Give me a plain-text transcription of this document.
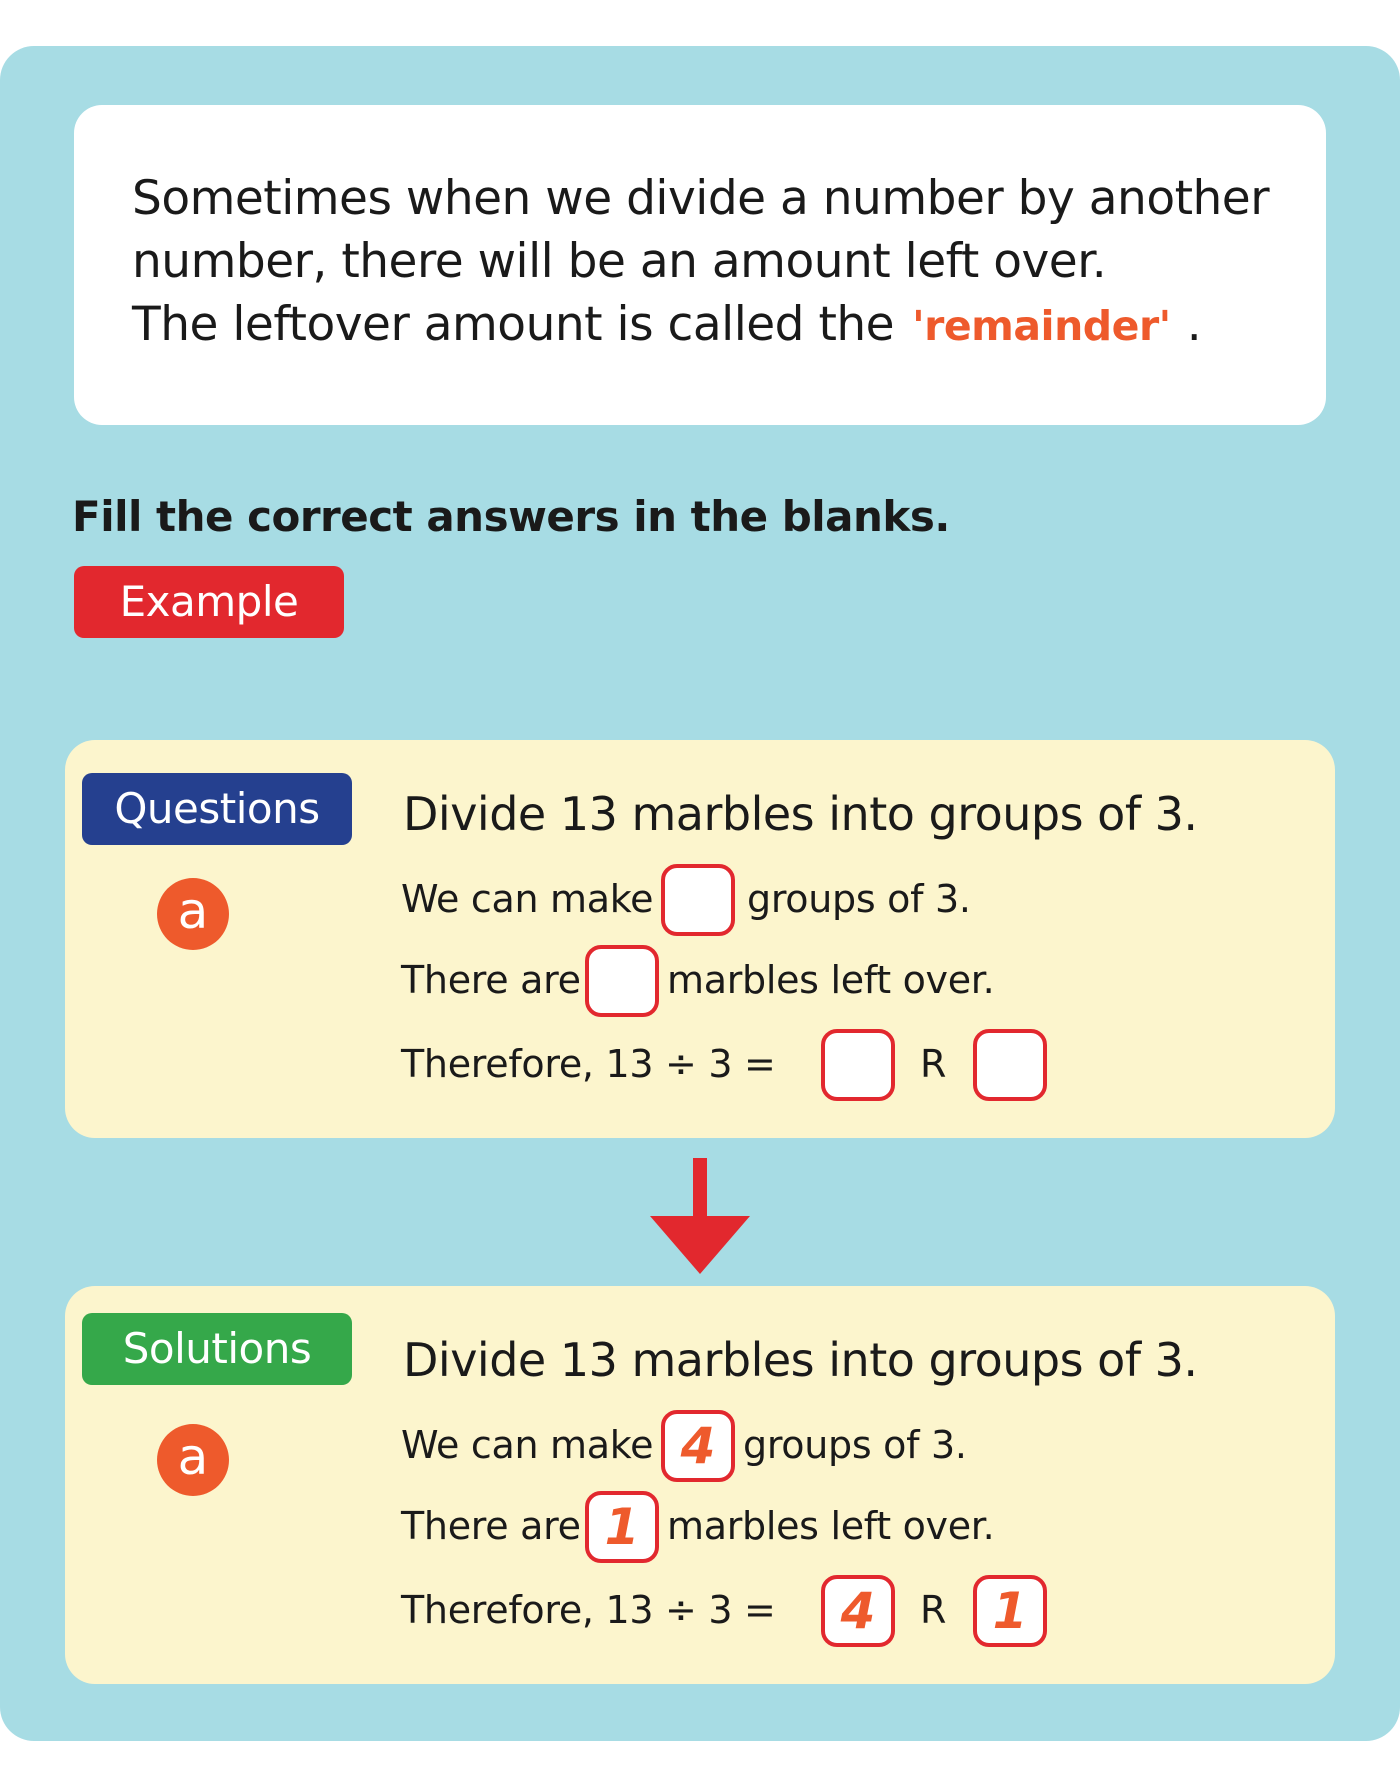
Sometimes when we divide a number by another
number, there will be an amount left over.
The leftover amount is called the 'remainder' .
Fill the correct answers in the blanks.
Example
a
Divide 13 marbles into groups of 3.
We can make groups of 3.
There are marbles left over.
Therefore, 13 ÷ 3 =	R
Questions
a
Divide 13 marbles into groups of 3.
We can make 4 groups of 3.
There are 1 marbles left over.
Therefore, 13 ÷ 3 =	4	R 1
Solutions
